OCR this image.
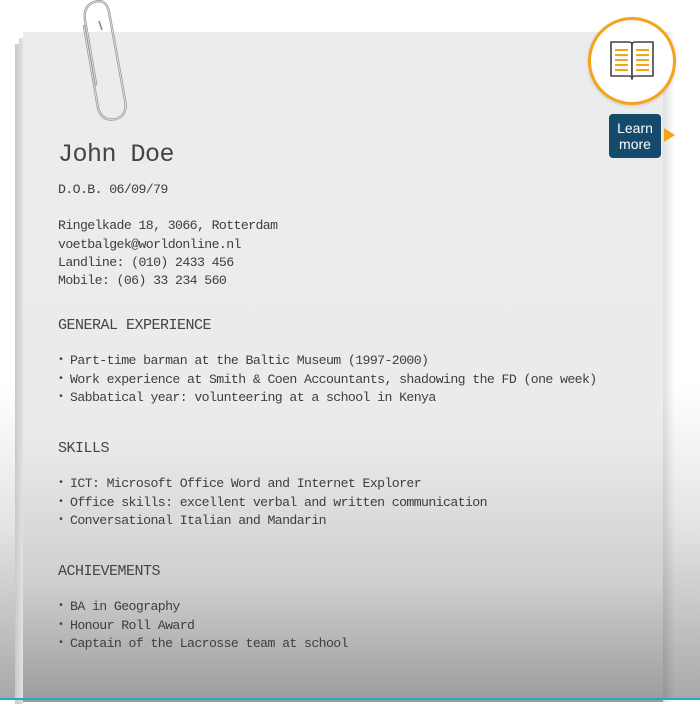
John Doe
D.O.B. 06/09/79
Ringelkade 18, 3066, Rotterdam
voetbalgek@worldonline.nl
Landline: (010) 2433 456
Mobile: (06) 33 234 560
GENERAL EXPERIENCE
• Part-time barman at the Baltic Museum (1997-2000)
• Work experience at Smith & Coen Accountants, shadowing the FD (one week)
• Sabbatical year: volunteering at a school in Kenya
SKILLS
• ICT: Microsoft Office Word and Internet Explorer
• Office skills: excellent verbal and written communication
• Conversational Italian and Mandarin
ACHIEVEMENTS
• BA in Geography
• Honour Roll Award
• Captain of the Lacrosse team at school
Learn
more
